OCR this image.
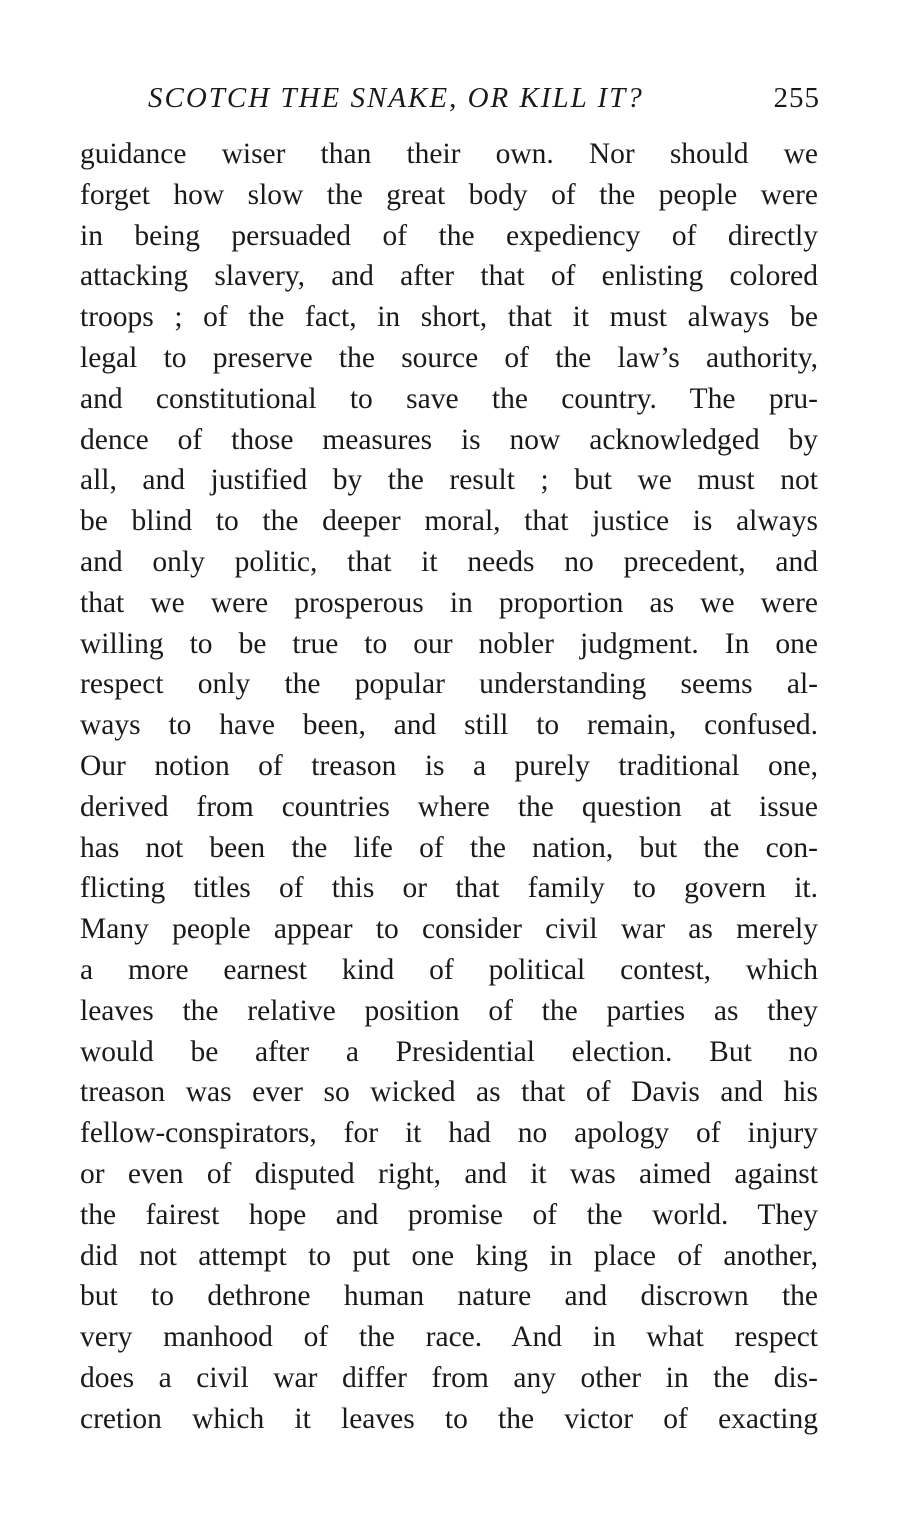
SCOTCH THE SNAKE, OR KILL IT?	255
guidance wiser than their own. Nor should we
forget how slow the great body of the people were
in being persuaded of the expediency of directly
attacking slavery, and after that of enlisting colored
troops ; of the fact, in short, that it must always be
legal to preserve the source of the law’s authority,
and constitutional to save the country. The pru-
dence of those measures is now acknowledged by
all, and justified by the result ; but we must not
be blind to the deeper moral, that justice is always
and only politic, that it needs no precedent, and
that we were prosperous in proportion as we were
willing to be true to our nobler judgment. In one
respect only the popular understanding seems al-
ways to have been, and still to remain, confused.
Our notion of treason is a purely traditional one,
derived from countries where the question at issue
has not been the life of the nation, but the con-
flicting titles of this or that family to govern it.
Many people appear to consider civil war as merely
a more earnest kind of political contest, which
leaves the relative position of the parties as they
would be after a Presidential election. But no
treason was ever so wicked as that of Davis and his
fellow-conspirators, for it had no apology of injury
or even of disputed right, and it was aimed against
the fairest hope and promise of the world. They
did not attempt to put one king in place of another,
but to dethrone human nature and discrown the
very manhood of the race. And in what respect
does a civil war differ from any other in the dis-
cretion which it leaves to the victor of exacting
